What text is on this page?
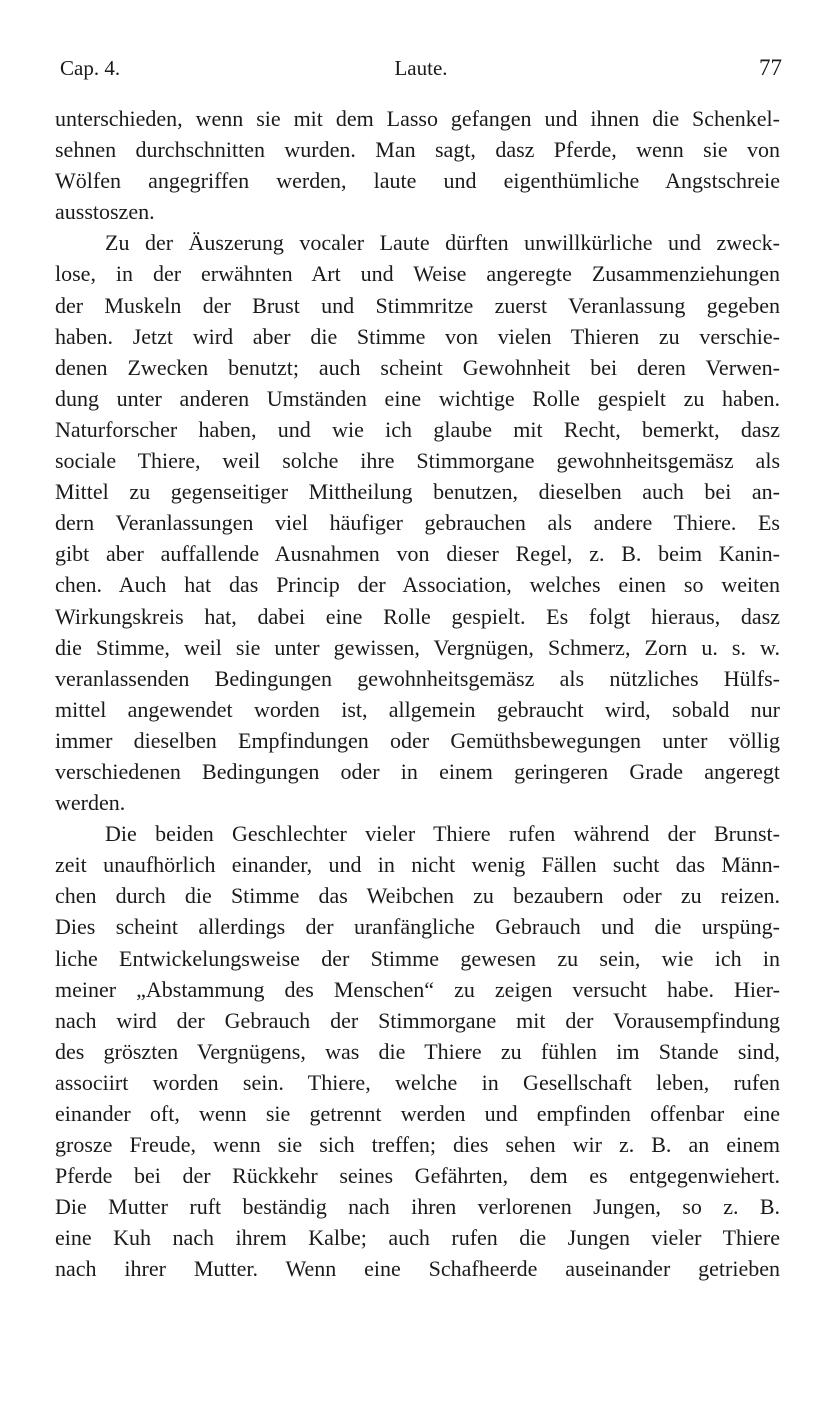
Cap. 4.	Laute.	77
unterschieden, wenn sie mit dem Lasso gefangen und ihnen die Schenkel-
sehnen durchschnitten wurden. Man sagt, dasz Pferde, wenn sie von
Wölfen angegriffen werden, laute und eigenthümliche Angstschreie
ausstoszen.
Zu der Äuszerung vocaler Laute dürften unwillkürliche und zweck-
lose, in der erwähnten Art und Weise angeregte Zusammenziehungen
der Muskeln der Brust und Stimmritze zuerst Veranlassung gegeben
haben. Jetzt wird aber die Stimme von vielen Thieren zu verschie-
denen Zwecken benutzt; auch scheint Gewohnheit bei deren Verwen-
dung unter anderen Umständen eine wichtige Rolle gespielt zu haben.
Naturforscher haben, und wie ich glaube mit Recht, bemerkt, dasz
sociale Thiere, weil solche ihre Stimmorgane gewohnheitsgemäsz als
Mittel zu gegenseitiger Mittheilung benutzen, dieselben auch bei an-
dern Veranlassungen viel häufiger gebrauchen als andere Thiere. Es
gibt aber auffallende Ausnahmen von dieser Regel, z. B. beim Kanin-
chen. Auch hat das Princip der Association, welches einen so weiten
Wirkungskreis hat, dabei eine Rolle gespielt. Es folgt hieraus, dasz
die Stimme, weil sie unter gewissen, Vergnügen, Schmerz, Zorn u. s. w.
veranlassenden Bedingungen gewohnheitsgemäsz als nützliches Hülfs-
mittel angewendet worden ist, allgemein gebraucht wird, sobald nur
immer dieselben Empfindungen oder Gemüthsbewegungen unter völlig
verschiedenen Bedingungen oder in einem geringeren Grade angeregt
werden.
Die beiden Geschlechter vieler Thiere rufen während der Brunst-
zeit unaufhörlich einander, und in nicht wenig Fällen sucht das Männ-
chen durch die Stimme das Weibchen zu bezaubern oder zu reizen.
Dies scheint allerdings der uranfängliche Gebrauch und die urspüng-
liche Entwickelungsweise der Stimme gewesen zu sein, wie ich in
meiner „Abstammung des Menschen“ zu zeigen versucht habe. Hier-
nach wird der Gebrauch der Stimmorgane mit der Vorausempfindung
des gröszten Vergnügens, was die Thiere zu fühlen im Stande sind,
associirt worden sein. Thiere, welche in Gesellschaft leben, rufen
einander oft, wenn sie getrennt werden und empfinden offenbar eine
grosze Freude, wenn sie sich treffen; dies sehen wir z. B. an einem
Pferde bei der Rückkehr seines Gefährten, dem es entgegenwiehert.
Die Mutter ruft beständig nach ihren verlorenen Jungen, so z. B.
eine Kuh nach ihrem Kalbe; auch rufen die Jungen vieler Thiere
nach ihrer Mutter. Wenn eine Schafheerde auseinander getrieben
